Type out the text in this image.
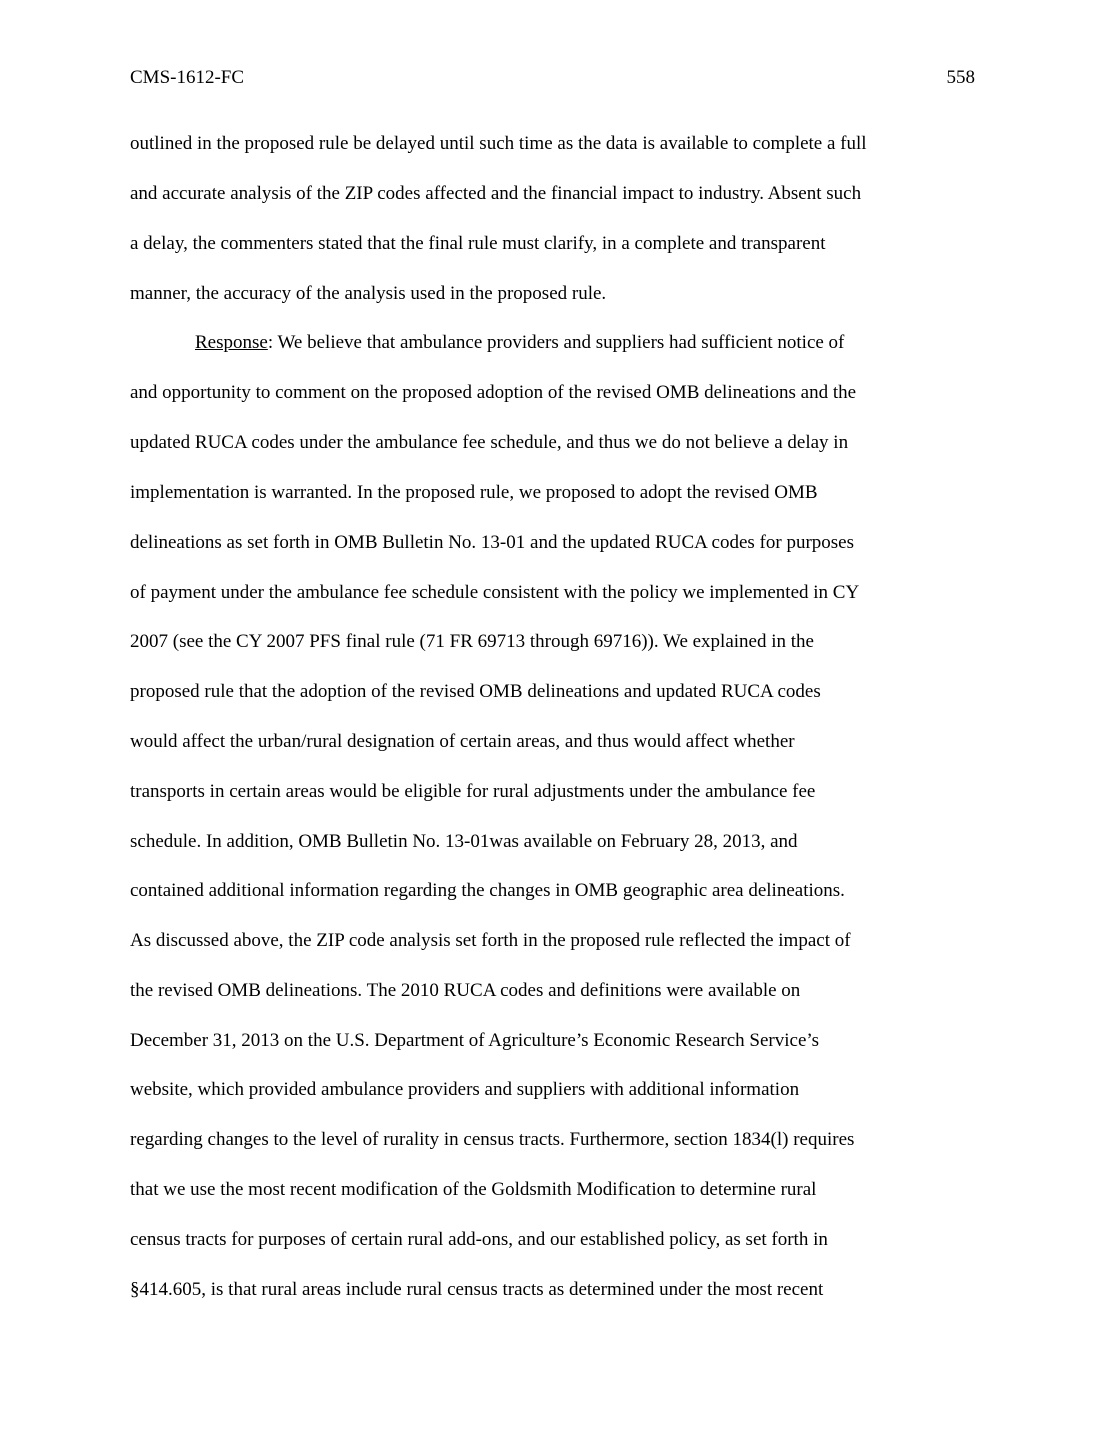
CMS-1612-FC	558
outlined in the proposed rule be delayed until such time as the data is available to complete a full
and accurate analysis of the ZIP codes affected and the financial impact to industry. Absent such
a delay, the commenters stated that the final rule must clarify, in a complete and transparent
manner, the accuracy of the analysis used in the proposed rule.
Response: We believe that ambulance providers and suppliers had sufficient notice of
and opportunity to comment on the proposed adoption of the revised OMB delineations and the
updated RUCA codes under the ambulance fee schedule, and thus we do not believe a delay in
implementation is warranted. In the proposed rule, we proposed to adopt the revised OMB
delineations as set forth in OMB Bulletin No. 13-01 and the updated RUCA codes for purposes
of payment under the ambulance fee schedule consistent with the policy we implemented in CY
2007 (see the CY 2007 PFS final rule (71 FR 69713 through 69716)). We explained in the
proposed rule that the adoption of the revised OMB delineations and updated RUCA codes
would affect the urban/rural designation of certain areas, and thus would affect whether
transports in certain areas would be eligible for rural adjustments under the ambulance fee
schedule. In addition, OMB Bulletin No. 13-01was available on February 28, 2013, and
contained additional information regarding the changes in OMB geographic area delineations.
As discussed above, the ZIP code analysis set forth in the proposed rule reflected the impact of
the revised OMB delineations. The 2010 RUCA codes and definitions were available on
December 31, 2013 on the U.S. Department of Agriculture’s Economic Research Service’s
website, which provided ambulance providers and suppliers with additional information
regarding changes to the level of rurality in census tracts. Furthermore, section 1834(l) requires
that we use the most recent modification of the Goldsmith Modification to determine rural
census tracts for purposes of certain rural add-ons, and our established policy, as set forth in
§414.605, is that rural areas include rural census tracts as determined under the most recent
